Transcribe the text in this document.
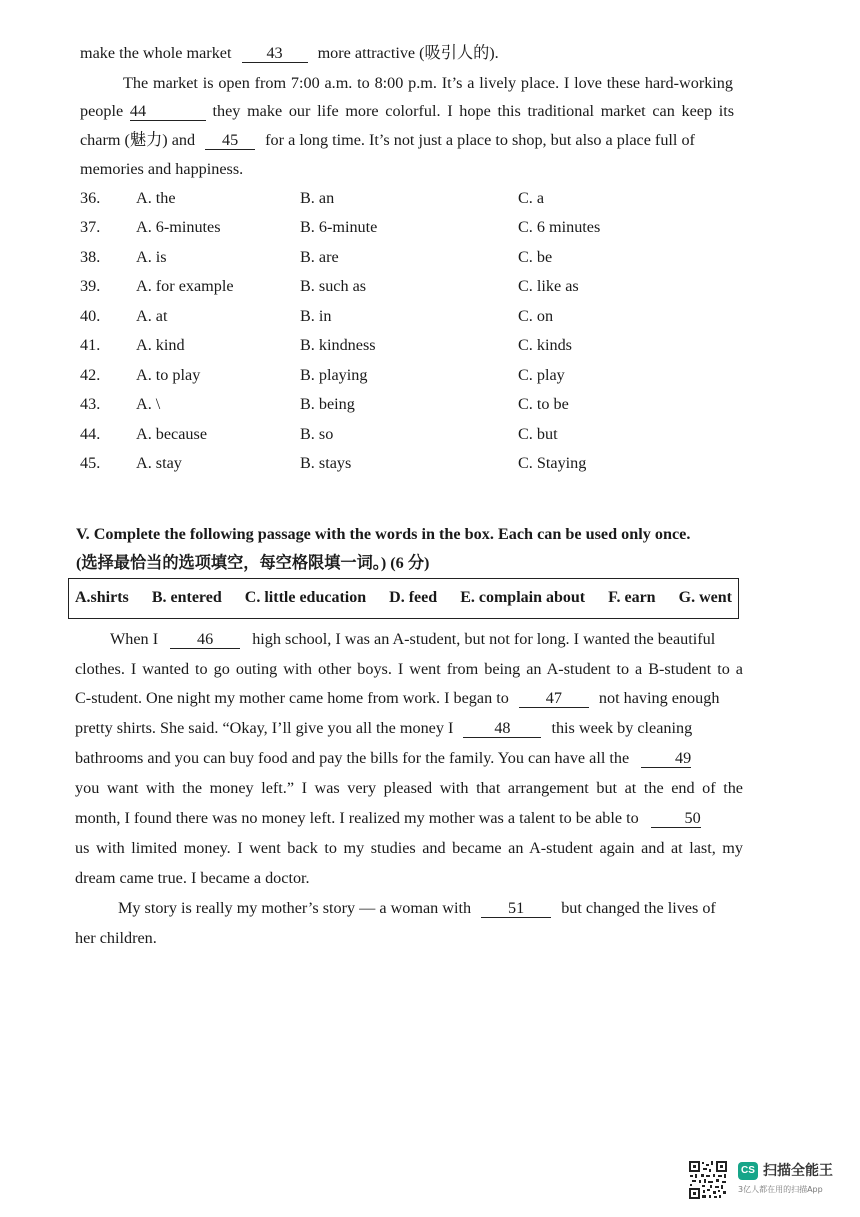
make the whole market 43 more attractive (吸引人的).
The market is open from 7:00 a.m. to 8:00 p.m. It’s a lively place. I love these hard-working
people 44	they make our life more colorful. I hope this traditional market can keep its
charm (魅力) and 45 for a long time. It’s not just a place to shop, but also a place full of
memories and happiness.
36. A. the	B. an	C. a
37. A. 6-minutes	B. 6-minute	C. 6 minutes
38. A. is	B. are	C. be
39. A. for example	B. such as	C. like as
40. A. at	B. in	C. on
41. A. kind	B. kindness	C. kinds
42. A. to play	B. playing	C. play
43. A. \	B. being	C. to be
44. A. because	B. so	C. but
45. A. stay	B. stays	C. Staying
V. Complete the following passage with the words in the box. Each can be used only once.
(选择最恰当的选项填空，每空格限填一词。) (6 分)
A.shirts B. entered C. little education D. feed E. complain about F. earn G. went
When I 46 high school, I was an A-student, but not for long. I wanted the beautiful
clothes. I wanted to go outing with other boys. I went from being an A-student to a B-student to a
C-student. One night my mother came home from work. I began to 47 not having enough
pretty shirts. She said. “Okay, I’ll give you all the money I	48	this week by cleaning
bathrooms and you can buy food and pay the bills for the family. You can have all the	49
you want with the money left.” I was very pleased with that arrangement but at the end of the
month, I found there was no money left. I realized my mother was a talent to be able to	50
us with limited money. I went back to my studies and became an A-student again and at last, my
dream came true. I became a doctor.
My story is really my mother’s story — a woman with 51 but changed the lives of
her children.
CS 扫描全能王
3亿人都在用的扫描App
